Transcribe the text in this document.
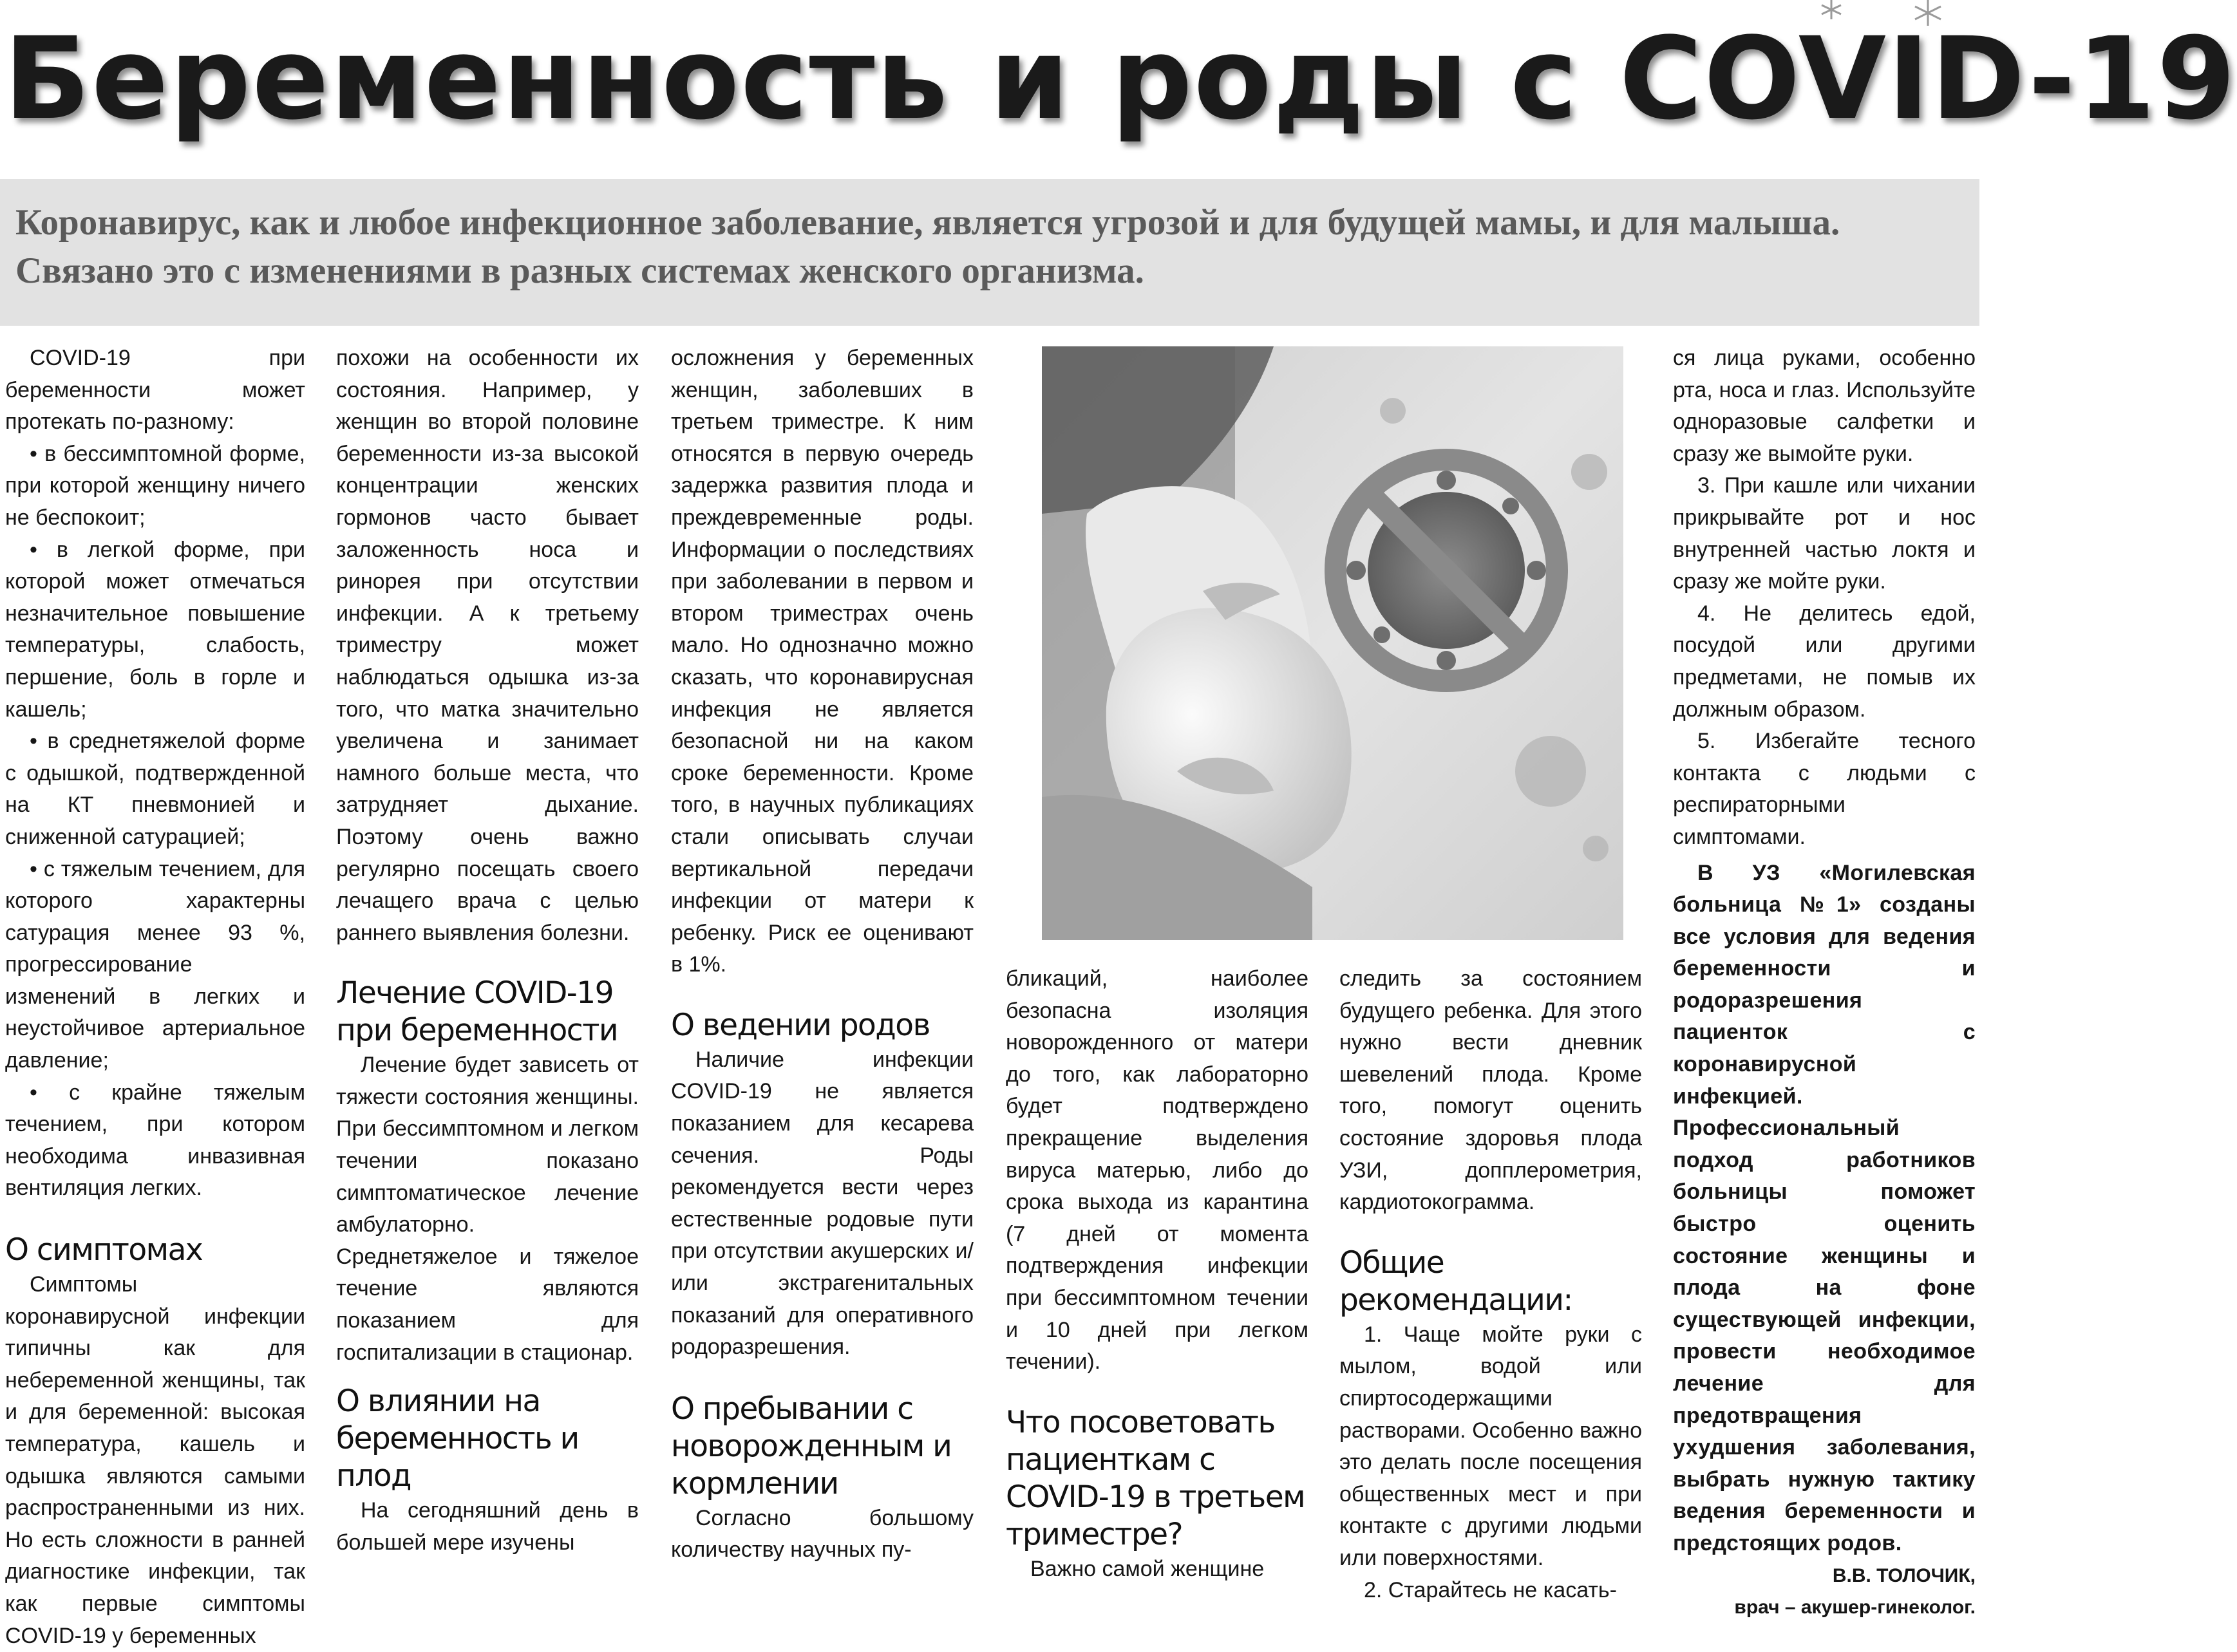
Беременность и роды с COVID-19
Коронавирус, как и любое инфекционное заболевание, является угрозой и для будущей мамы, и для малыша. Связано это с изменениями в разных системах женского организма.

COVID-19 при беременности может протекать по-разному:

• в бессимптомной форме, при которой женщину ничего не беспокоит;

• в легкой форме, при которой может отмечаться незначительное повышение температуры, слабость, першение, боль в горле и кашель;

• в среднетяжелой форме с одышкой, подтвержденной на КТ пневмонией и сниженной сатурацией;

• с тяжелым течением, для которого характерны сатурация менее 93 %, прогрессирование изменений в легких и неустойчивое артериальное давление;

• с крайне тяжелым течением, при котором необходима инвазивная вентиляция легких.

О симптомах

Симптомы коронавирусной инфекции типичны как для небеременной женщины, так и для беременной: высокая температура, кашель и одышка являются самыми распространенными из них. Но есть сложности в ранней диагностике инфекции, так как первые симптомы COVID-19 у беременных

похожи на особенности их состояния. Например, у женщин во второй половине беременности из-за высокой концентрации женских гормонов часто бывает заложенность носа и ринорея при отсутствии инфекции. А к третьему триместру может наблюдаться одышка из-за того, что матка значительно увеличена и занимает намного больше места, что затрудняет дыхание. Поэтому очень важно регулярно посещать своего лечащего врача с целью раннего выявления болезни.

Лечение COVID-19 при беременности

Лечение будет зависеть от тяжести состояния женщины. При бессимптомном и легком течении показано симптоматическое лечение амбулаторно. Среднетяжелое и тяжелое течение являются показанием для госпитализации в стационар.

О влиянии на беременность и плод

На сегодняшний день в большей мере изучены

осложнения у беременных женщин, заболевших в третьем триместре. К ним относятся в первую очередь задержка развития плода и преждевременные роды. Информации о последствиях при заболевании в первом и втором триместрах очень мало. Но однозначно можно сказать, что коронавирусная инфекция не является безопасной ни на каком сроке беременности. Кроме того, в научных публикациях стали описывать случаи вертикальной передачи инфекции от матери к ребенку. Риск ее оценивают в 1%.

О ведении родов

Наличие инфекции COVID-19 не является показанием для кесарева сечения. Роды рекомендуется вести через естественные родовые пути при отсутствии акушерских и/или экстрагенитальных показаний для оперативного родоразрешения.

О пребывании с новорожденным и кормлении

Согласно большому количеству научных пу-

бликаций, наиболее безопасна изоляция новорожденного от матери до того, как лабораторно будет подтверждено прекращение выделения вируса матерью, либо до срока выхода из карантина (7 дней от момента подтверждения инфекции при бессимптомном течении и 10 дней при легком течении).

Что посоветовать пациенткам с COVID-19 в третьем триместре?

Важно самой женщине

следить за состоянием будущего ребенка. Для этого нужно вести дневник шевелений плода. Кроме того, помогут оценить состояние здоровья плода УЗИ, допплерометрия, кардиотокограмма.

Общие рекомендации:

1. Чаще мойте руки с мылом, водой или спиртосодержащими растворами. Особенно важно это делать после посещения общественных мест и при контакте с другими людьми или поверхностями.

2. Старайтесь не касать-

ся лица руками, особенно рта, носа и глаз. Используйте одноразовые салфетки и сразу же вымойте руки.

3. При кашле или чихании прикрывайте рот и нос внутренней частью локтя и сразу же мойте руки.

4. Не делитесь едой, посудой или другими предметами, не помыв их должным образом.

5. Избегайте тесного контакта с людьми с респираторными симптомами.

В УЗ «Могилевская больница №1» созданы все условия для ведения беременности и родоразрешения пациенток с коронавирусной инфекцией. Профессиональный подход работников больницы поможет быстро оценить состояние женщины и плода на фоне существующей инфекции, провести необходимое лечение для предотвращения ухудшения заболевания, выбрать нужную тактику ведения беременности и предстоящих родов.

В.В. ТОЛОЧИК,

врач – акушер-гинеколог.
